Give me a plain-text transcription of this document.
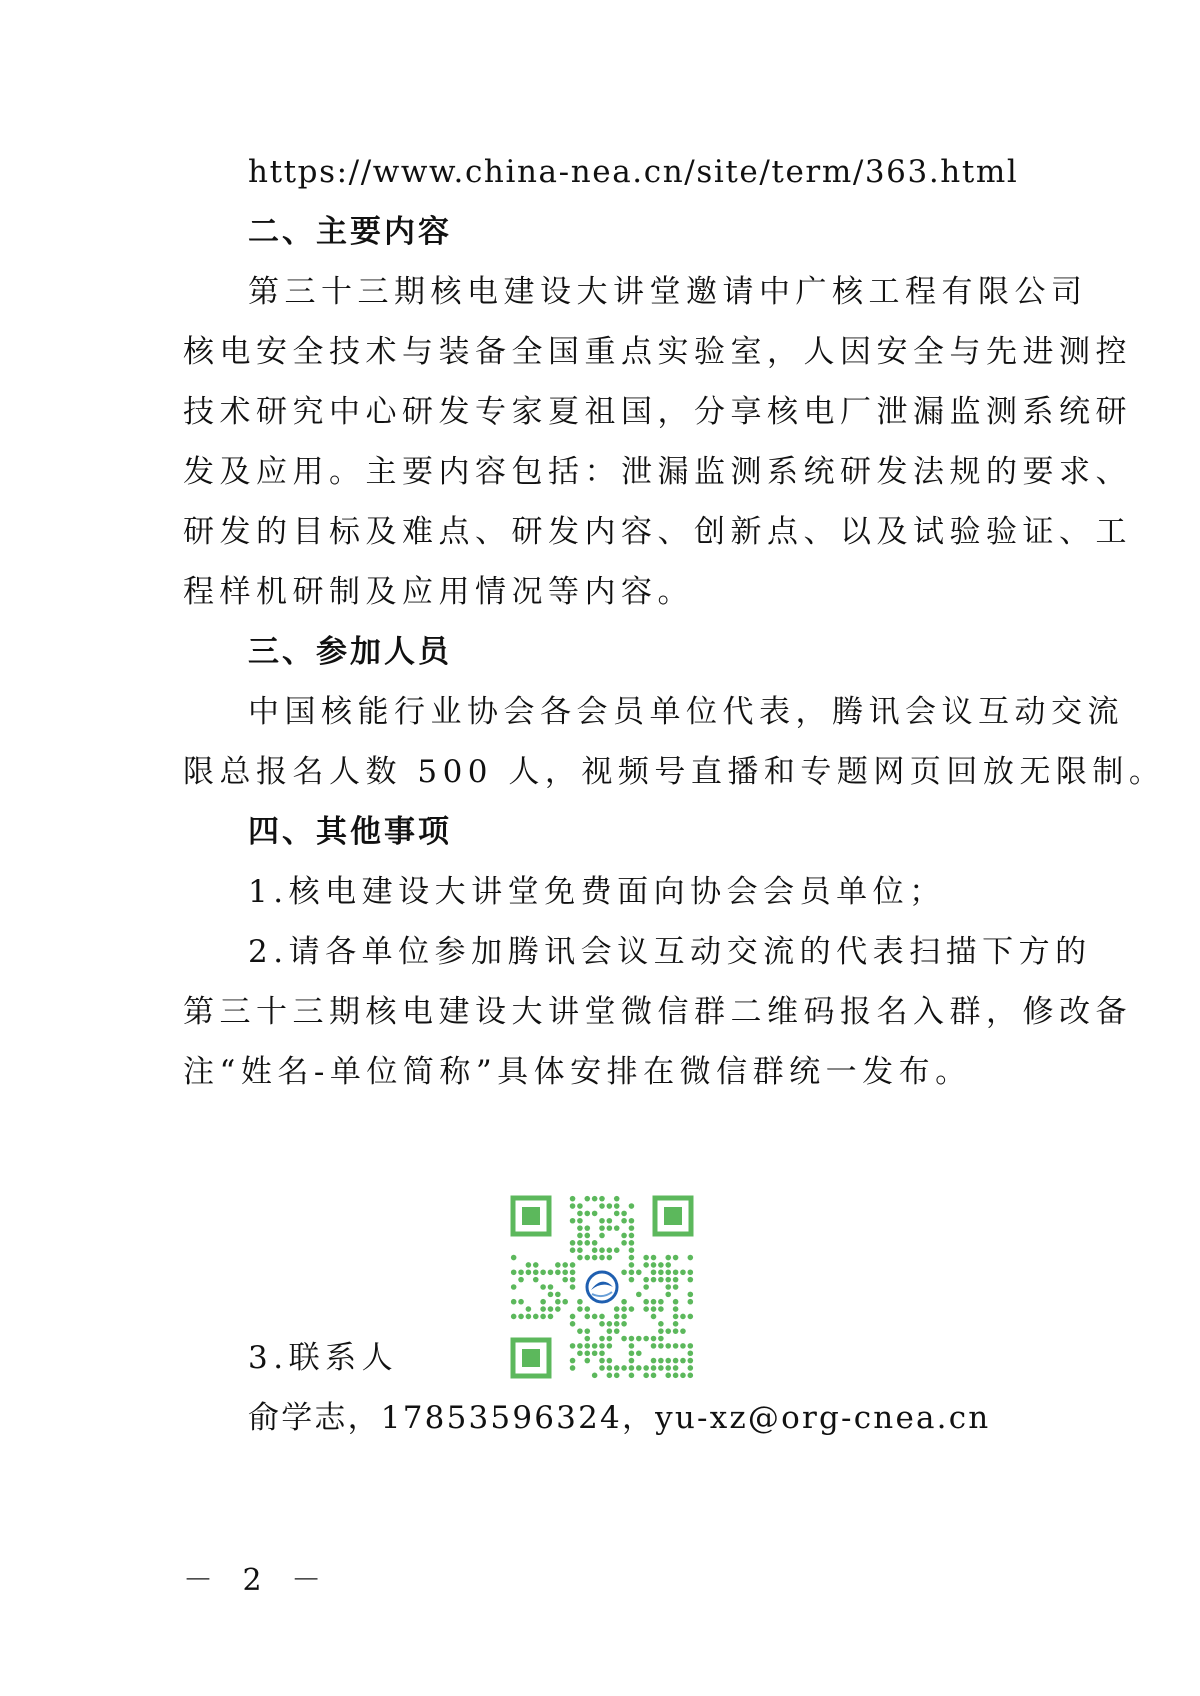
https://www.china-nea.cn/site/term/363.html
二、主要内容
第三十三期核电建设大讲堂邀请中广核工程有限公司
核电安全技术与装备全国重点实验室，人因安全与先进测控
技术研究中心研发专家夏祖国，分享核电厂泄漏监测系统研
发及应用。主要内容包括：泄漏监测系统研发法规的要求、
研发的目标及难点、研发内容、创新点、以及试验验证、工
程样机研制及应用情况等内容。
三、参加人员
中国核能行业协会各会员单位代表，腾讯会议互动交流
限总报名人数 500 人，视频号直播和专题网页回放无限制。
四、其他事项
1.核电建设大讲堂免费面向协会会员单位；
2.请各单位参加腾讯会议互动交流的代表扫描下方的
第三十三期核电建设大讲堂微信群二维码报名入群，修改备
注“姓名-单位简称”具体安排在微信群统一发布。
3.联系人
俞学志，17853596324，yu-xz@org-cnea.cn
－ 2 －
